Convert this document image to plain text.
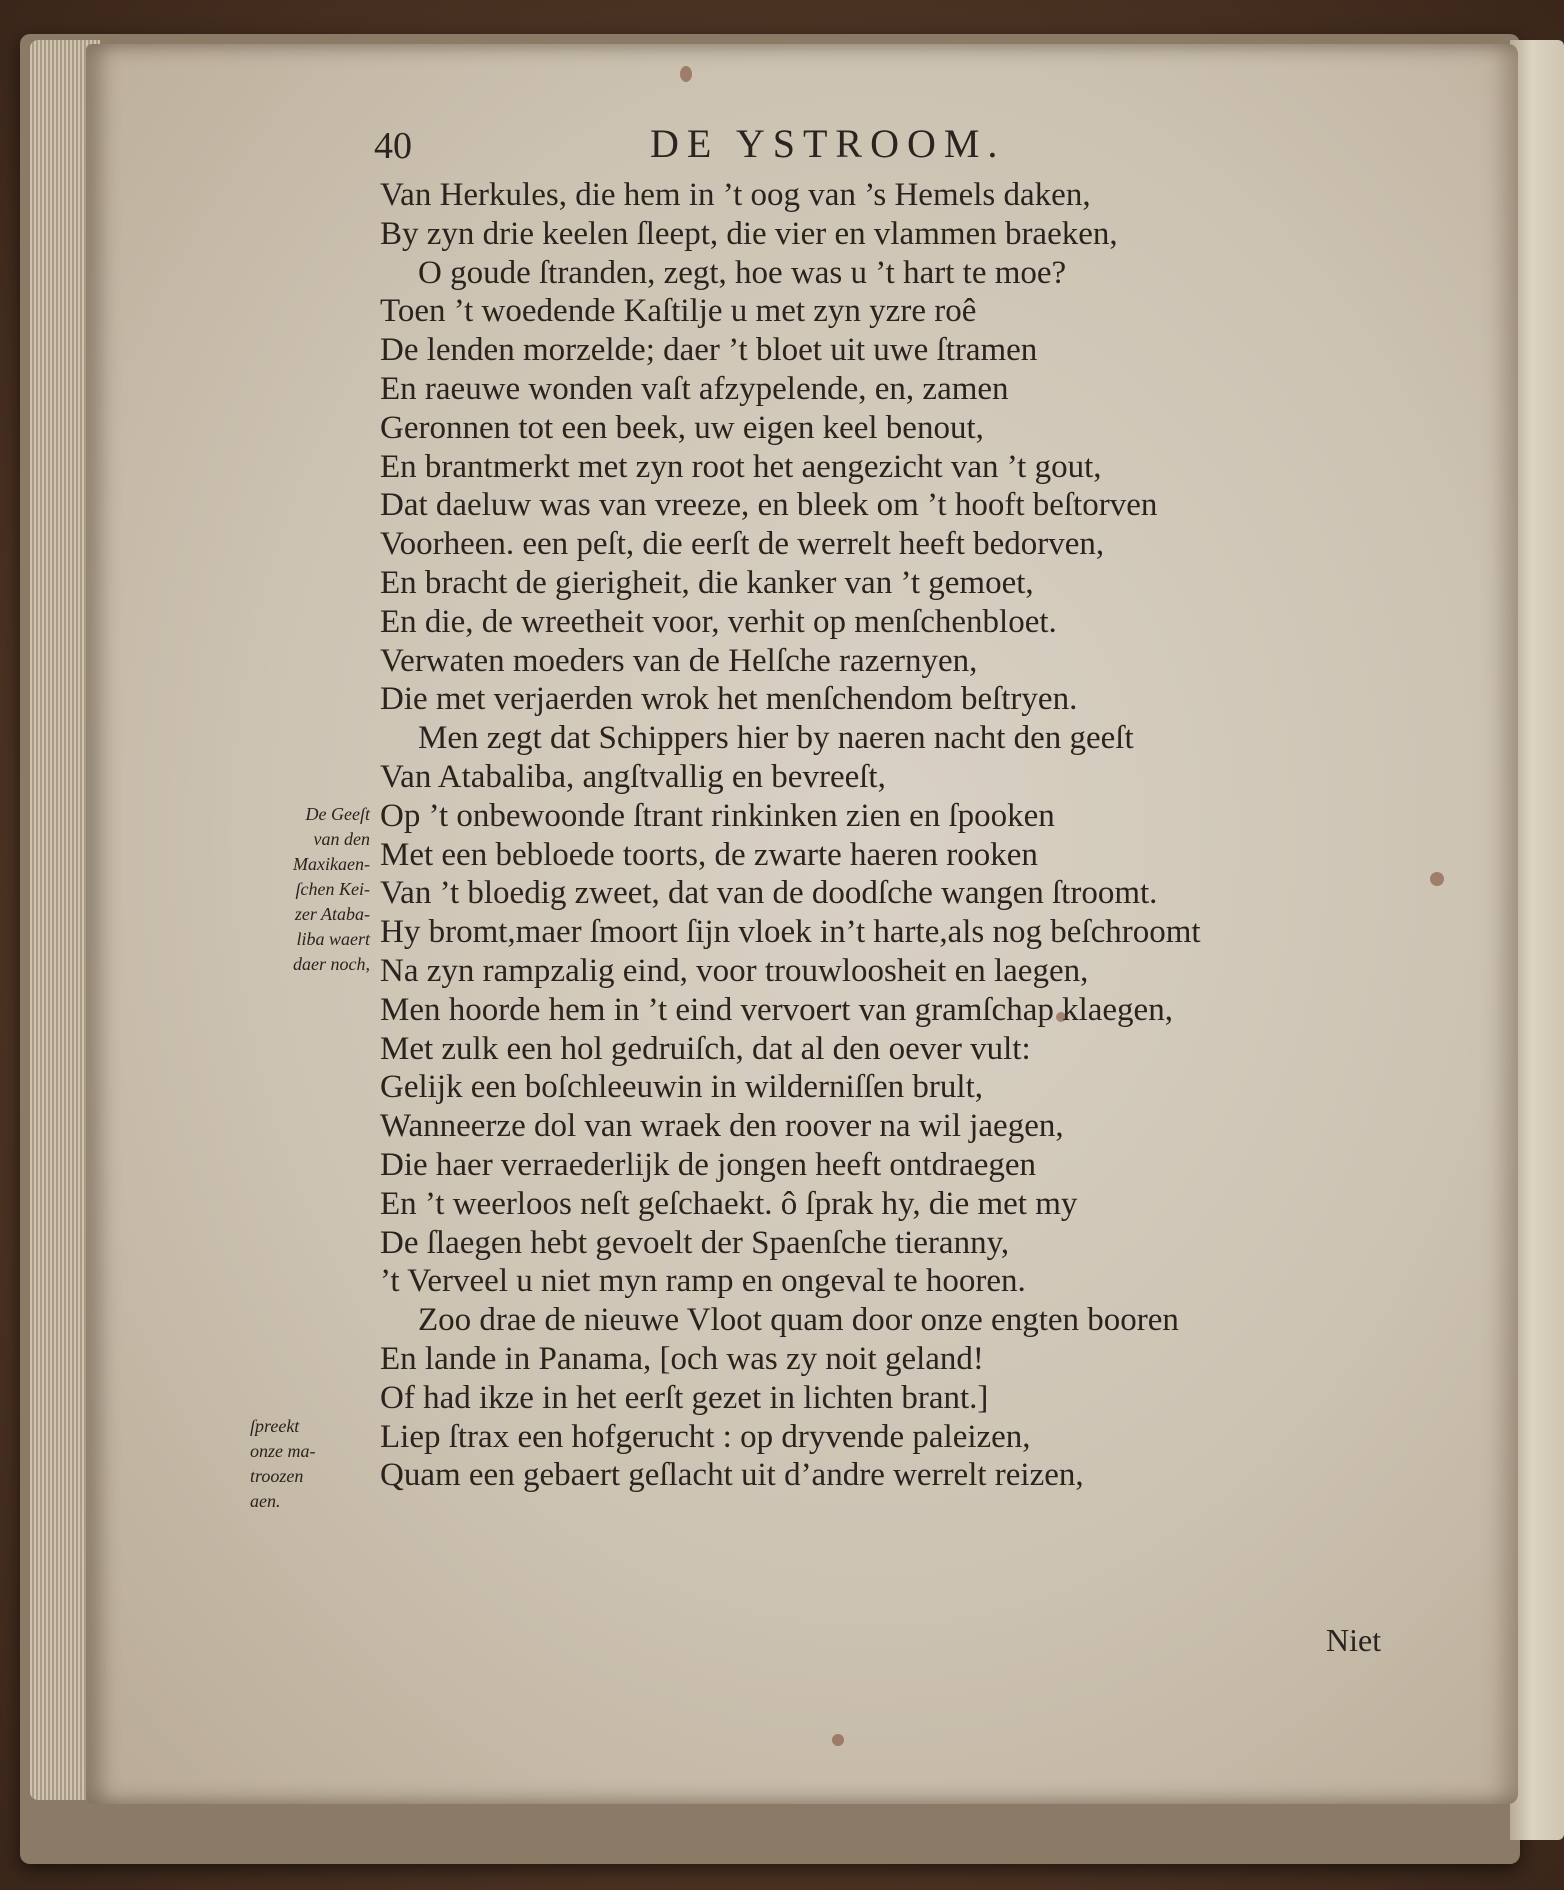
40	DE YSTROOM.
Van Herkules, die hem in ’t oog van ’s Hemels daken,
By zyn drie keelen ſleept, die vier en vlammen braeken,
O goude ſtranden, zegt, hoe was u ’t hart te moe?
Toen ’t woedende Kaſtilje u met zyn yzre roê
De lenden morzelde; daer ’t bloet uit uwe ſtramen
En raeuwe wonden vaſt afzypelende, en, zamen
Geronnen tot een beek, uw eigen keel benout,
En brantmerkt met zyn root het aengezicht van ’t gout,
Dat daeluw was van vreeze, en bleek om ’t hooft beſtorven
Voorheen. een peſt, die eerſt de werrelt heeft bedorven,
En bracht de gierigheit, die kanker van ’t gemoet,
En die, de wreetheit voor, verhit op menſchenbloet.
Verwaten moeders van de Helſche razernyen,
Die met verjaerden wrok het menſchendom beſtryen.
Men zegt dat Schippers hier by naeren nacht den geeſt
Van Atabaliba, angſtvallig en bevreeſt,
Op ’t onbewoonde ſtrant rinkinken zien en ſpooken
Met een bebloede toorts, de zwarte haeren rooken
Van ’t bloedig zweet, dat van de doodſche wangen ſtroomt.
Hy bromt,maer ſmoort ſijn vloek in’t harte,als nog beſchroomt
Na zyn rampzalig eind, voor trouwloosheit en laegen,
Men hoorde hem in ’t eind vervoert van gramſchap klaegen,
Met zulk een hol gedruiſch, dat al den oever vult:
Gelijk een boſchleeuwin in wilderniſſen brult,
Wanneerze dol van wraek den roover na wil jaegen,
Die haer verraederlijk de jongen heeft ontdraegen
En ’t weerloos neſt geſchaekt. ô ſprak hy, die met my
De ſlaegen hebt gevoelt der Spaenſche tieranny,
’t Verveel u niet myn ramp en ongeval te hooren.
Zoo drae de nieuwe Vloot quam door onze engten booren
En lande in Panama, [och was zy noit geland!
Of had ikze in het eerſt gezet in lichten brant.]
Liep ſtrax een hofgerucht : op dryvende paleizen,
Quam een gebaert geſlacht uit d’andre werrelt reizen,
De Geeſt
van den
Maxikaen-
ſchen Kei-
zer Ataba-
liba waert
daer noch,
ſpreekt
onze ma-
troozen
aen.
Niet
